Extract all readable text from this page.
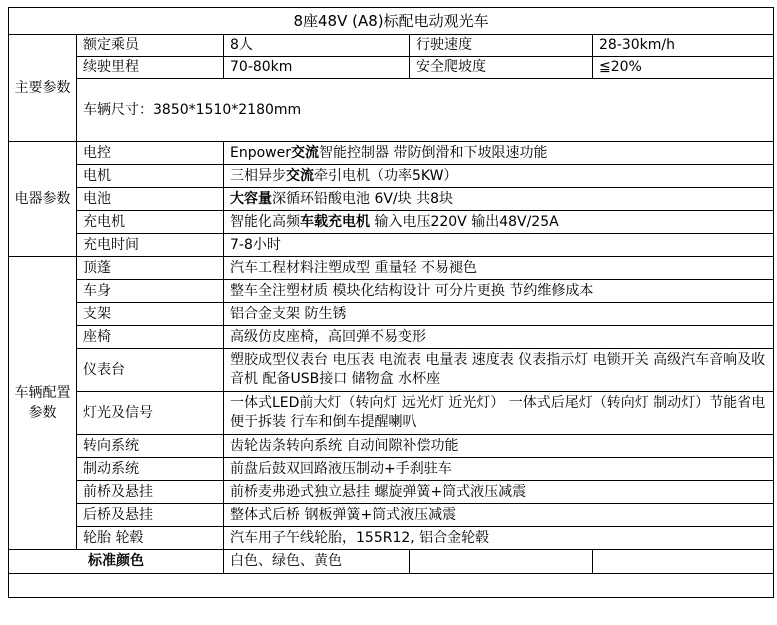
8座48V (A8)标配电动观光车				
主要参数	额定乘员	8人	行驶速度	28-30km/h
	续驶里程	70-80km	安全爬坡度	≦20%
	车辆尺寸：3850*1510*2180mm			
电器参数	电控	Enpower交流智能控制器 带防倒滑和下坡限速功能		
	电机	三相异步交流牵引电机（功率5KW）		
	电池	大容量深循环铅酸电池 6V/块 共8块		
	充电机	智能化高频车载充电机 输入电压220V 输出48V/25A		
	充电时间	7-8小时		
车辆配置参数	顶蓬	汽车工程材料注塑成型 重量轻 不易褪色		
	车身	整车全注塑材质 模块化结构设计 可分片更换 节约维修成本		
	支架	铝合金支架 防生锈		
	座椅	高级仿皮座椅，高回弹不易变形		
	仪表台	塑胶成型仪表台 电压表 电流表 电量表 速度表 仪表指示灯 电锁开关 高级汽车音响及收音机 配备USB接口 储物盒 水杯座		
	灯光及信号	一体式LED前大灯（转向灯 远光灯 近光灯） 一体式后尾灯（转向灯 制动灯）节能省电 便于拆装 行车和倒车提醒喇叭		
	转向系统	齿轮齿条转向系统 自动间隙补偿功能		
	制动系统	前盘后鼓双回路液压制动+手刹驻车		
	前桥及悬挂	前桥麦弗逊式独立悬挂 螺旋弹簧+筒式液压减震		
	后桥及悬挂	整体式后桥 钢板弹簧+筒式液压减震		
	轮胎 轮毂	汽车用子午线轮胎，155R12, 铝合金轮毂		
标准颜色		白色、绿色、黄色		
